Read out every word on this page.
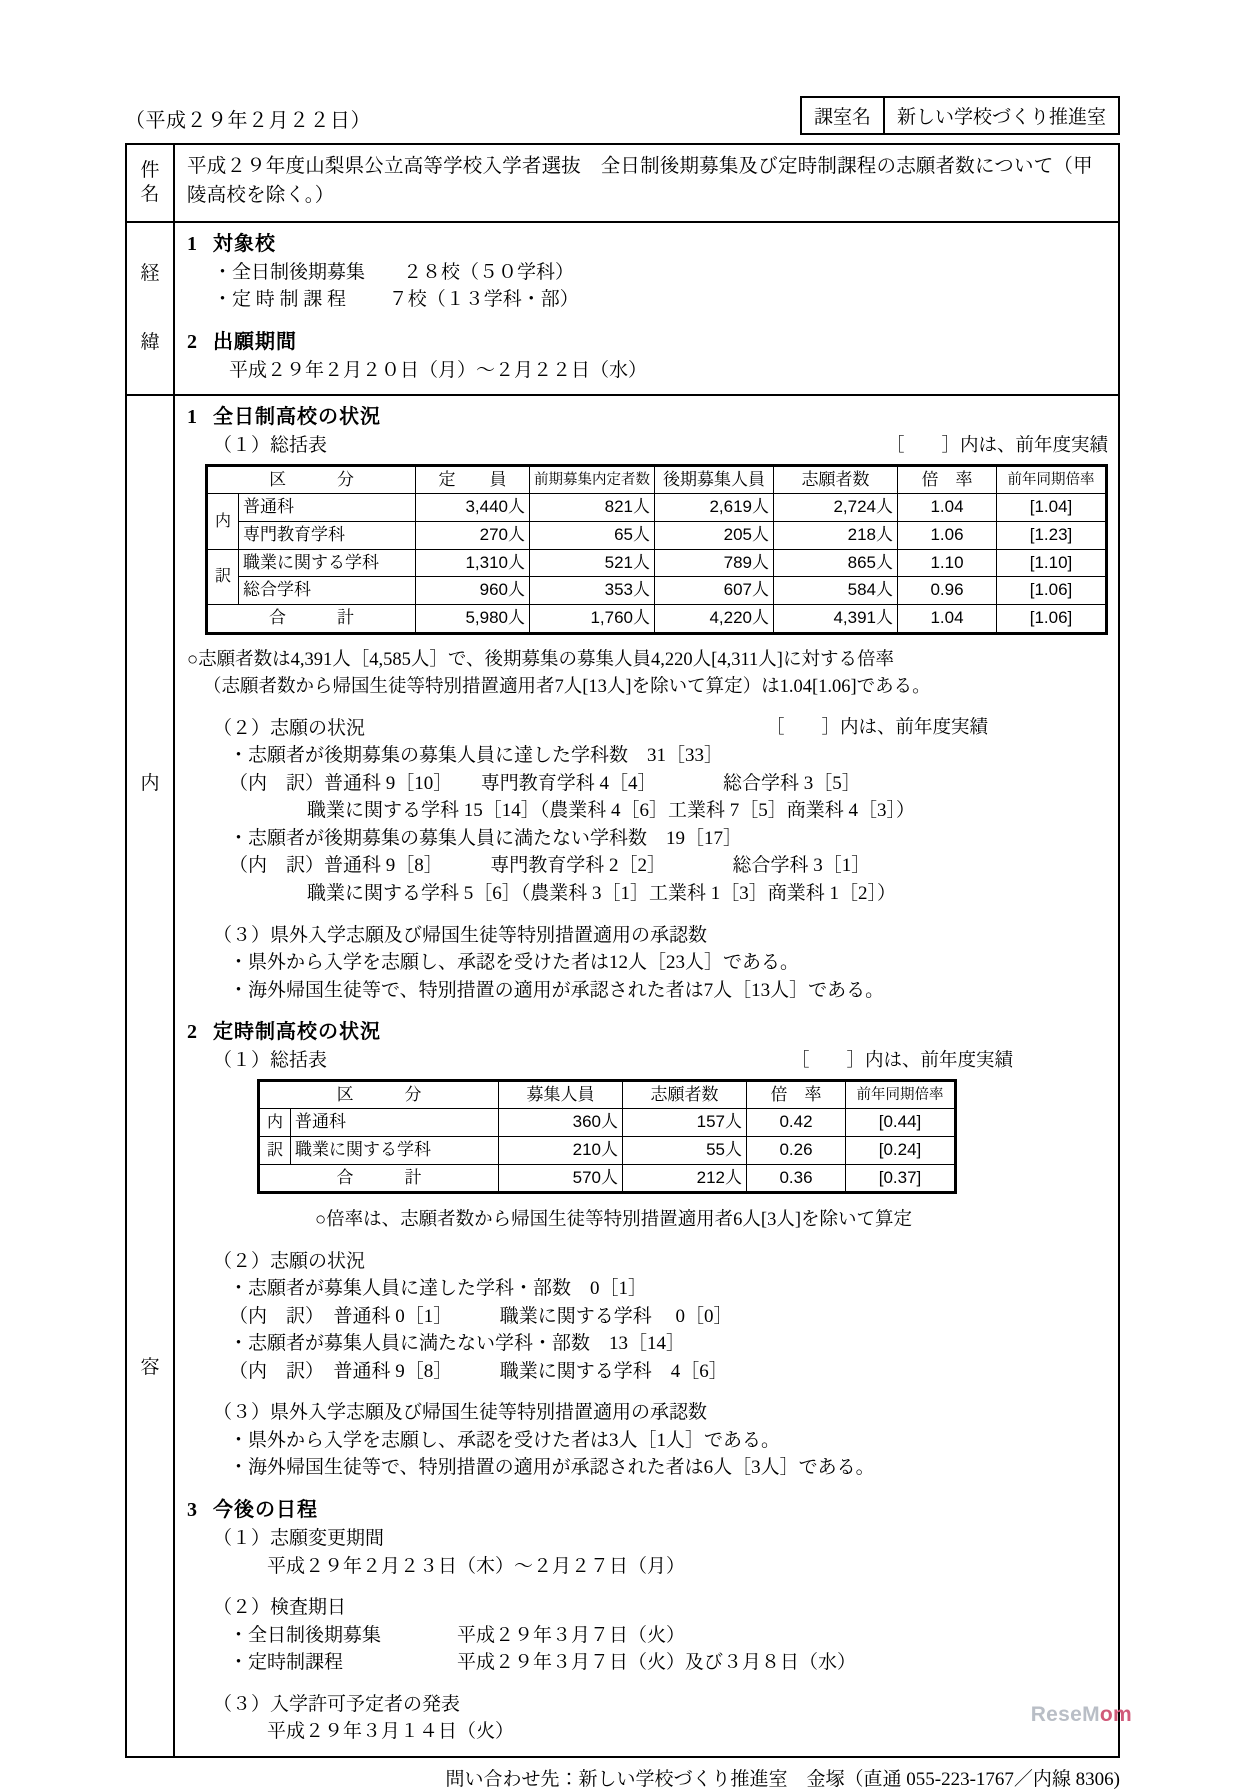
（平成２９年２月２２日）	課室名	新しい学校づくり推進室
件
名
平成２９年度山梨県公立高等学校入学者選抜　全日制後期募集及び定時制課程の志願者数について（甲陵高校を除く。）
経
緯
1 対象校
・全日制後期募集　　２８校（５０学科）
・定 時 制 課 程　　 ７校（１３学科・部）
2 出願期間
平成２９年２月２０日（月）～２月２２日（水）
内
容
1 全日制高校の状況
（１）総括表	［　　］内は、前年度実績
区　　　分		定　　員	前期募集内定者数	後期募集人員	志願者数	倍　率	前年同期倍率
内	普通科	3,440人	821人	2,619人	2,724人	1.04	[1.04]
	専門教育学科	270人	65人	205人	218人	1.06	[1.23]
訳	職業に関する学科	1,310人	521人	789人	865人	1.10	[1.10]
	総合学科	960人	353人	607人	584人	0.96	[1.06]
合　　　計		5,980人	1,760人	4,220人	4,391人	1.04	[1.06]
○志願者数は4,391人［4,585人］で、後期募集の募集人員4,220人[4,311人]に対する倍率
（志願者数から帰国生徒等特別措置適用者7人[13人]を除いて算定）は1.04[1.06]である。
（２）志願の状況	［　　］内は、前年度実績
・志願者が後期募集の募集人員に達した学科数　31［33］
（内　訳）普通科 9［10］　　専門教育学科 4［4］　　　　総合学科 3［5］
職業に関する学科 15［14］（農業科 4［6］工業科 7［5］商業科 4［3］）
・志願者が後期募集の募集人員に満たない学科数　19［17］
（内　訳）普通科 9［8］　　　専門教育学科 2［2］　　　　総合学科 3［1］
職業に関する学科 5［6］（農業科 3［1］工業科 1［3］商業科 1［2］）
（３）県外入学志願及び帰国生徒等特別措置適用の承認数
・県外から入学を志願し、承認を受けた者は12人［23人］である。
・海外帰国生徒等で、特別措置の適用が承認された者は7人［13人］である。
2 定時制高校の状況
（１）総括表	［　　］内は、前年度実績
区　　　分		募集人員	志願者数	倍　率	前年同期倍率
内	普通科	360人	157人	0.42	[0.44]
訳	職業に関する学科	210人	55人	0.26	[0.24]
合　　　計		570人	212人	0.36	[0.37]
○倍率は、志願者数から帰国生徒等特別措置適用者6人[3人]を除いて算定
（２）志願の状況
・志願者が募集人員に達した学科・部数　0［1］
（内　訳）　普通科 0［1］　　　職業に関する学科　 0［0］
・志願者が募集人員に満たない学科・部数　13［14］
（内　訳）　普通科 9［8］　　　職業に関する学科　4［6］
（３）県外入学志願及び帰国生徒等特別措置適用の承認数
・県外から入学を志願し、承認を受けた者は3人［1人］である。
・海外帰国生徒等で、特別措置の適用が承認された者は6人［3人］である。
3 今後の日程
（１）志願変更期間
平成２９年２月２３日（木）～２月２７日（月）
（２）検査期日
・全日制後期募集　　　　平成２９年３月７日（火）
・定時制課程　　　　　　平成２９年３月７日（火）及び３月８日（水）
（３）入学許可予定者の発表
平成２９年３月１４日（火）
問い合わせ先：新しい学校づくり推進室　金塚（直通 055-223-1767／内線 8306)
ReseMom
